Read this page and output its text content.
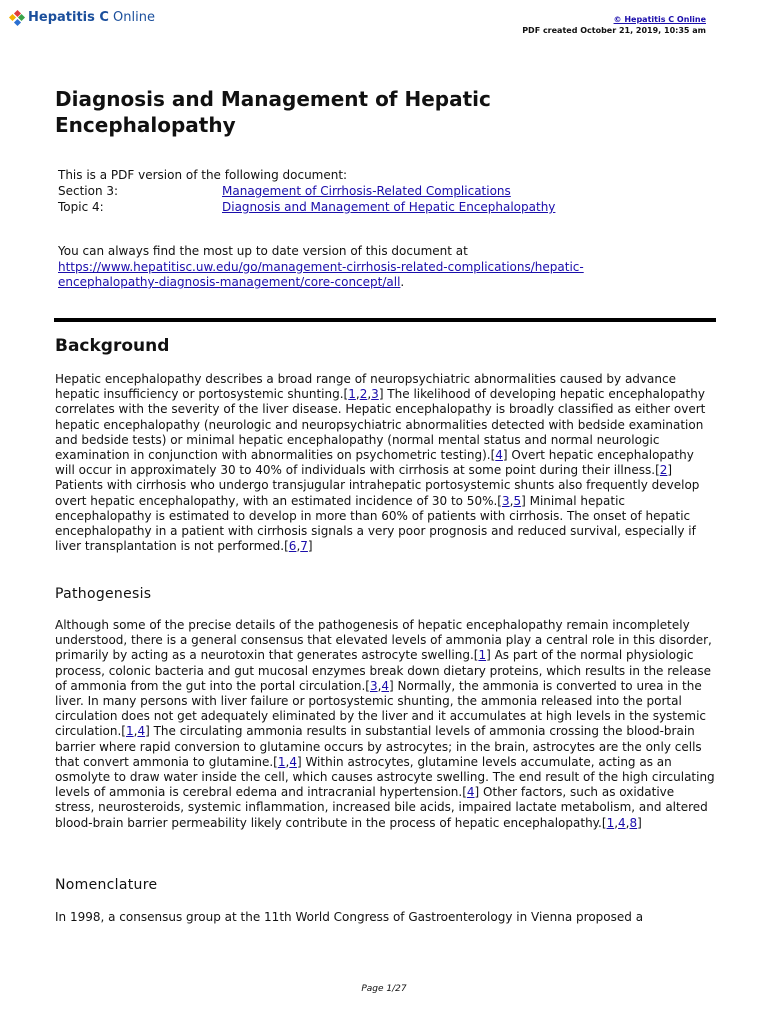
Hepatitis C Online	© Hepatitis C Online
PDF created October 21, 2019, 10:35 am
Diagnosis and Management of Hepatic Encephalopathy
This is a PDF version of the following document:
Section 3:	Management of Cirrhosis-Related Complications
Topic 4:	Diagnosis and Management of Hepatic Encephalopathy
You can always find the most up to date version of this document at
https://www.hepatitisc.uw.edu/go/management-cirrhosis-related-complications/hepatic-
encephalopathy-diagnosis-management/core-concept/all.
Background

Hepatic encephalopathy describes a broad range of neuropsychiatric abnormalities caused by advance hepatic insufficiency or portosystemic shunting.[1,2,3] The likelihood of developing hepatic encephalopathy correlates with the severity of the liver disease. Hepatic encephalopathy is broadly classified as either overt hepatic encephalopathy (neurologic and neuropsychiatric abnormalities detected with bedside examination and bedside tests) or minimal hepatic encephalopathy (normal mental status and normal neurologic examination in conjunction with abnormalities on psychometric testing).[4] Overt hepatic encephalopathy will occur in approximately 30 to 40% of individuals with cirrhosis at some point during their illness.[2] Patients with cirrhosis who undergo transjugular intrahepatic portosystemic shunts also frequently develop overt hepatic encephalopathy, with an estimated incidence of 30 to 50%.[3,5] Minimal hepatic encephalopathy is estimated to develop in more than 60% of patients with cirrhosis. The onset of hepatic encephalopathy in a patient with cirrhosis signals a very poor prognosis and reduced survival, especially if liver transplantation is not performed.[6,7]

Pathogenesis

Although some of the precise details of the pathogenesis of hepatic encephalopathy remain incompletely understood, there is a general consensus that elevated levels of ammonia play a central role in this disorder, primarily by acting as a neurotoxin that generates astrocyte swelling.[1] As part of the normal physiologic process, colonic bacteria and gut mucosal enzymes break down dietary proteins, which results in the release of ammonia from the gut into the portal circulation.[3,4] Normally, the ammonia is converted to urea in the liver. In many persons with liver failure or portosystemic shunting, the ammonia released into the portal circulation does not get adequately eliminated by the liver and it accumulates at high levels in the systemic circulation.[1,4] The circulating ammonia results in substantial levels of ammonia crossing the blood-brain barrier where rapid conversion to glutamine occurs by astrocytes; in the brain, astrocytes are the only cells that convert ammonia to glutamine.[1,4] Within astrocytes, glutamine levels accumulate, acting as an osmolyte to draw water inside the cell, which causes astrocyte swelling. The end result of the high circulating levels of ammonia is cerebral edema and intracranial hypertension.[4] Other factors, such as oxidative stress, neurosteroids, systemic inflammation, increased bile acids, impaired lactate metabolism, and altered blood-brain barrier permeability likely contribute in the process of hepatic encephalopathy.[1,4,8]

Nomenclature

In 1998, a consensus group at the 11th World Congress of Gastroenterology in Vienna proposed a

Page 1/27
